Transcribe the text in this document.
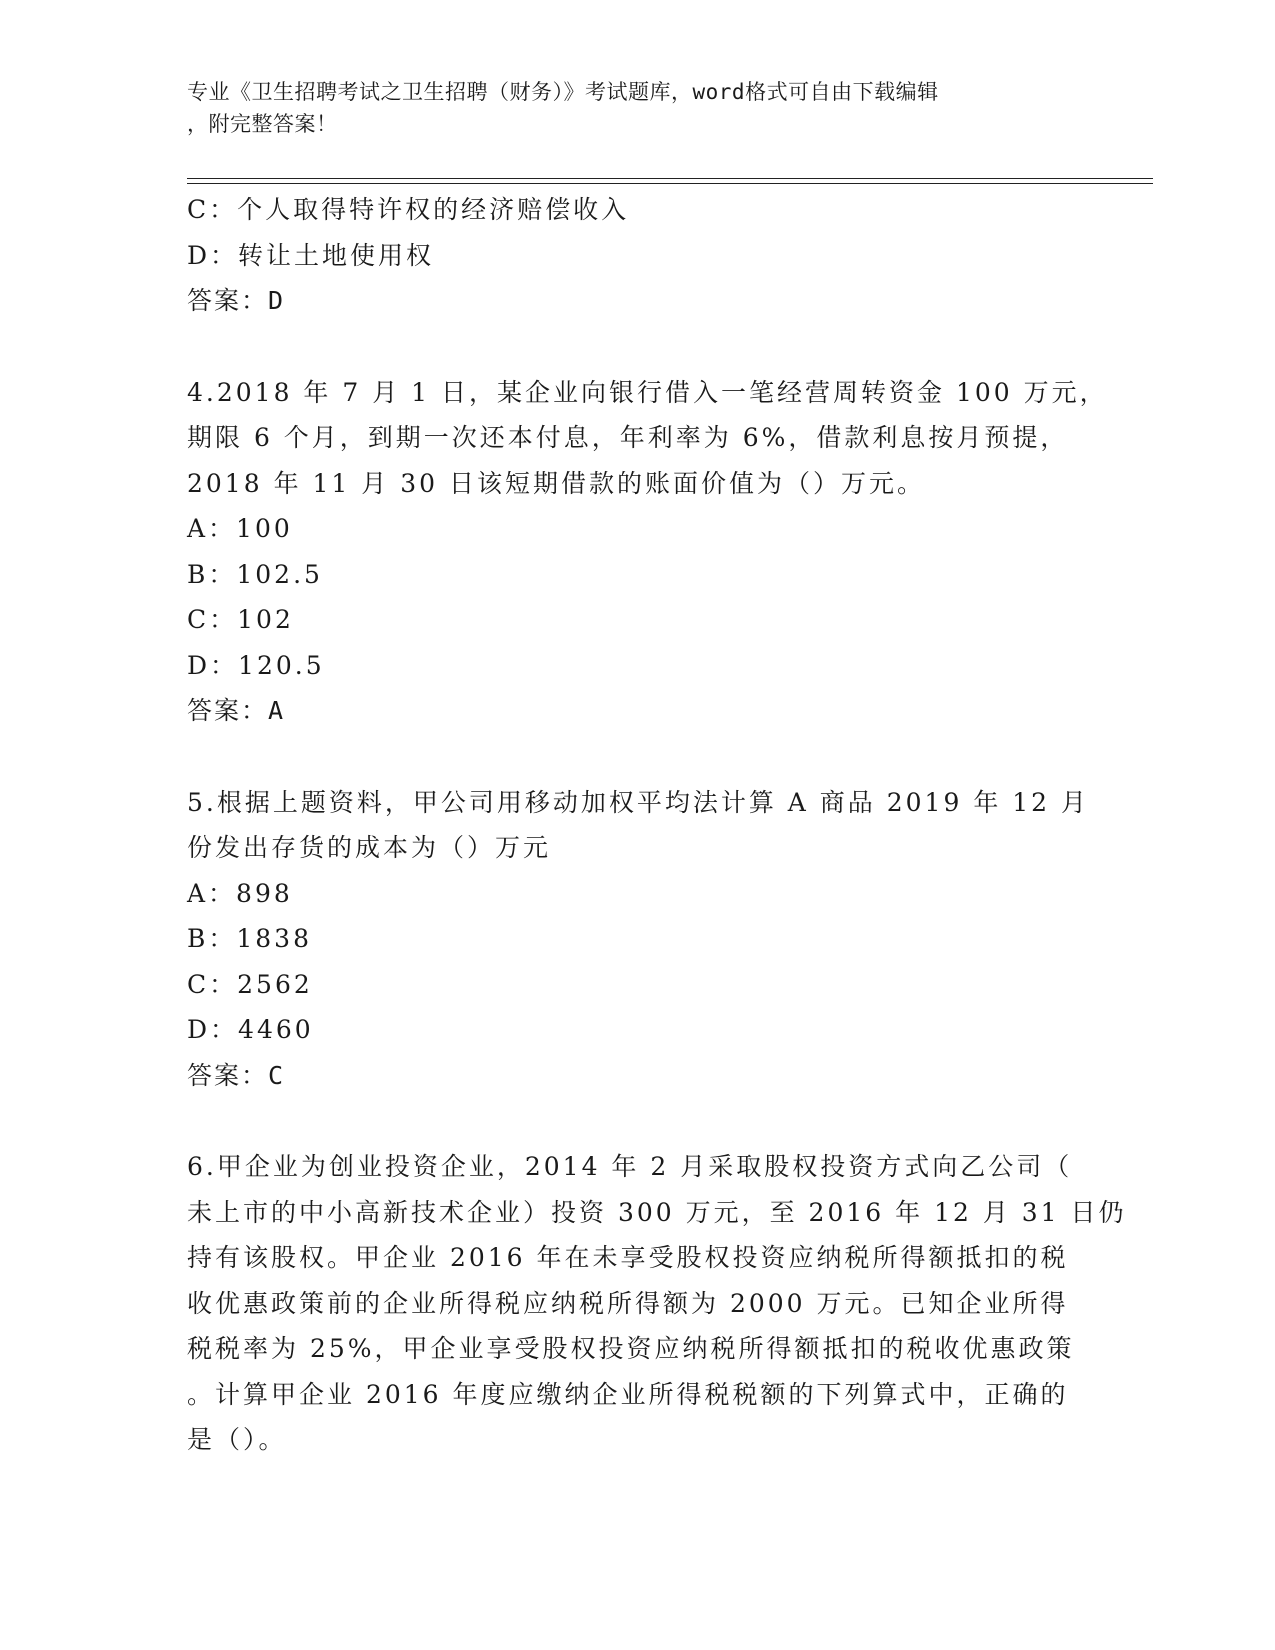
专业《卫生招聘考试之卫生招聘（财务）》考试题库，word格式可自由下载编辑
，附完整答案！
C：个人取得特许权的经济赔偿收入
D：转让土地使用权
答案：D
4.2018 年 7 月 1 日，某企业向银行借入一笔经营周转资金 100 万元，
期限 6 个月，到期一次还本付息，年利率为 6%，借款利息按月预提，
2018 年 11 月 30 日该短期借款的账面价值为（）万元。
A：100
B：102.5
C：102
D：120.5
答案：A
5.根据上题资料，甲公司用移动加权平均法计算 A 商品 2019 年 12 月
份发出存货的成本为（）万元
A：898
B：1838
C：2562
D：4460
答案：C
6.甲企业为创业投资企业，2014 年 2 月采取股权投资方式向乙公司（
未上市的中小高新技术企业）投资 300 万元，至 2016 年 12 月 31 日仍
持有该股权。甲企业 2016 年在未享受股权投资应纳税所得额抵扣的税
收优惠政策前的企业所得税应纳税所得额为 2000 万元。已知企业所得
税税率为 25%，甲企业享受股权投资应纳税所得额抵扣的税收优惠政策
。计算甲企业 2016 年度应缴纳企业所得税税额的下列算式中，正确的
是（）。
